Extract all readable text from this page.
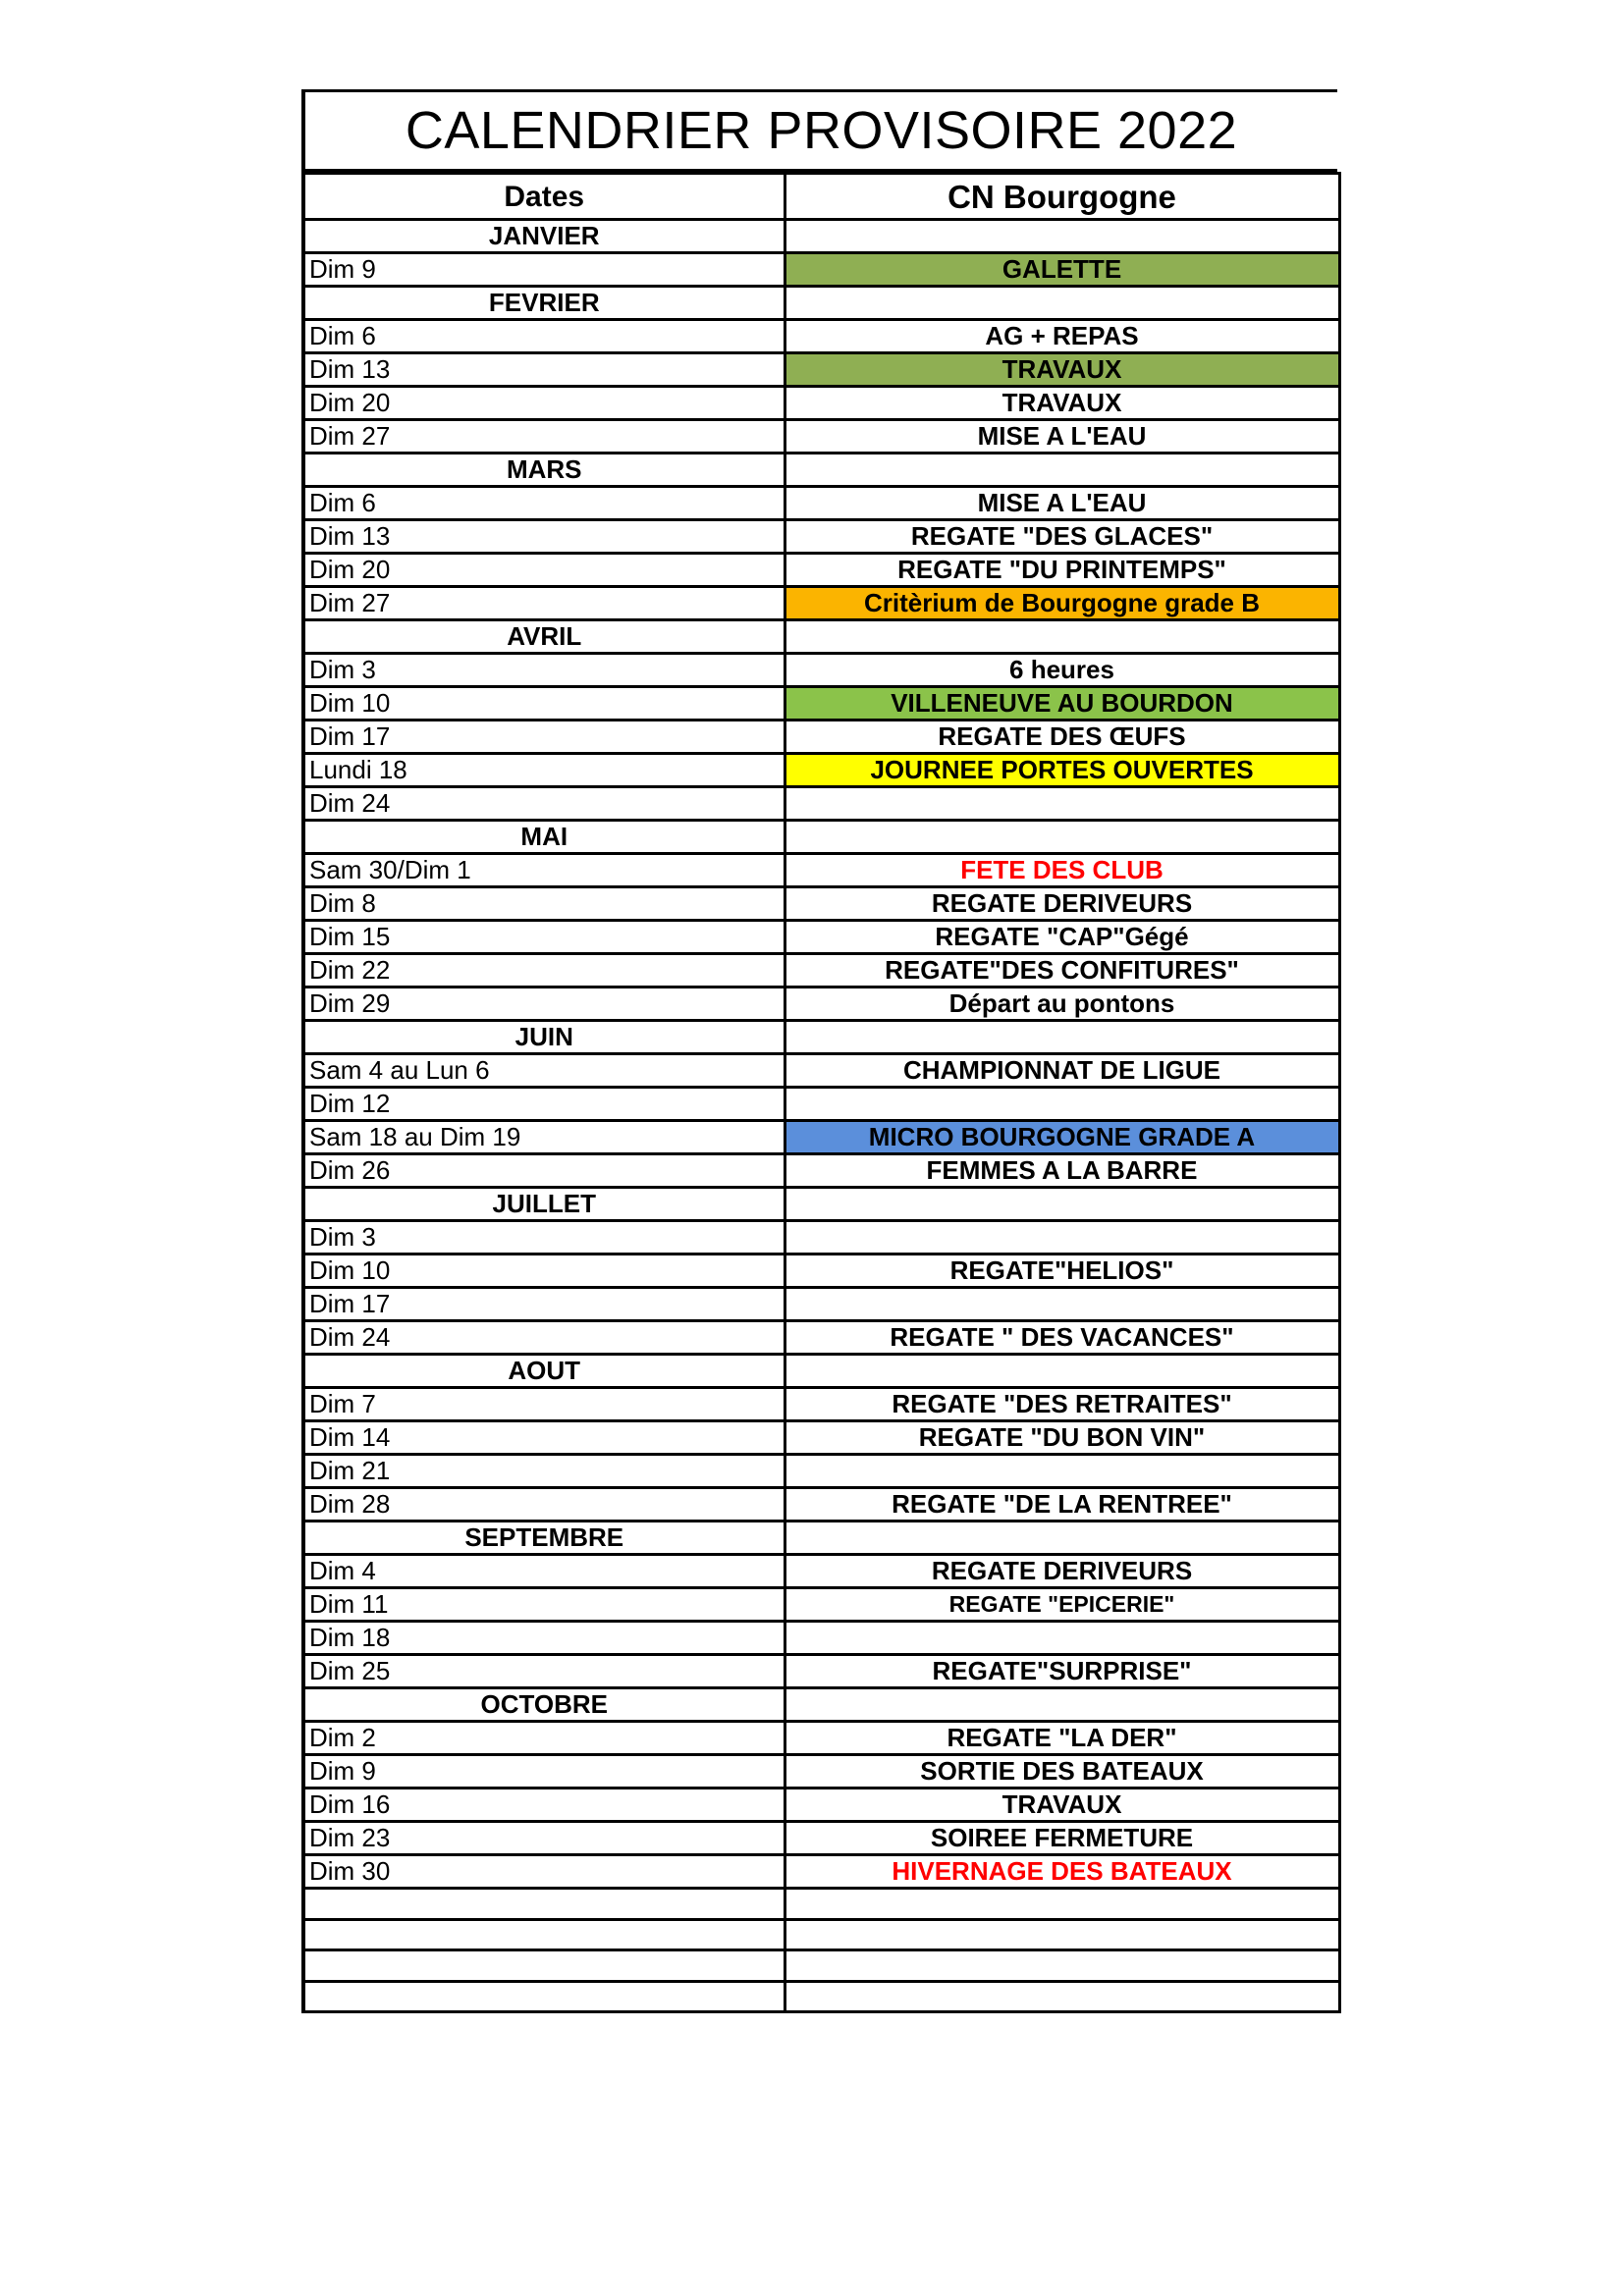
CALENDRIER PROVISOIRE 2022
Dates	CN Bourgogne
JANVIER	
Dim 9	GALETTE
FEVRIER	
Dim 6	AG + REPAS
Dim 13	TRAVAUX
Dim 20	TRAVAUX
Dim 27	MISE A L'EAU
MARS	
Dim 6	MISE A L'EAU
Dim 13	REGATE "DES GLACES"
Dim 20	REGATE "DU PRINTEMPS"
Dim 27	Critèrium de Bourgogne grade B
AVRIL	
Dim 3	6 heures
Dim 10	VILLENEUVE AU BOURDON
Dim 17	REGATE DES ŒUFS
Lundi 18	JOURNEE PORTES OUVERTES
Dim 24	
MAI	
Sam 30/Dim 1	FETE DES CLUB
Dim 8	REGATE DERIVEURS
Dim 15	REGATE "CAP"Gégé
Dim 22	REGATE"DES CONFITURES"
Dim 29	Départ au pontons
JUIN	
Sam 4 au Lun 6	CHAMPIONNAT DE LIGUE
Dim 12	
Sam 18 au Dim 19	MICRO BOURGOGNE GRADE A
Dim 26	FEMMES A LA BARRE
JUILLET	
Dim 3	
Dim 10	REGATE"HELIOS"
Dim 17	
Dim 24	REGATE " DES VACANCES"
AOUT	
Dim 7	REGATE "DES RETRAITES"
Dim 14	REGATE "DU BON VIN"
Dim 21	
Dim 28	REGATE "DE LA RENTREE"
SEPTEMBRE	
Dim 4	REGATE DERIVEURS
Dim 11	REGATE "EPICERIE"
Dim 18	
Dim 25	REGATE"SURPRISE"
OCTOBRE	
Dim 2	REGATE "LA DER"
Dim 9	SORTIE DES BATEAUX
Dim 16	TRAVAUX
Dim 23	SOIREE FERMETURE
Dim 30	HIVERNAGE DES BATEAUX
